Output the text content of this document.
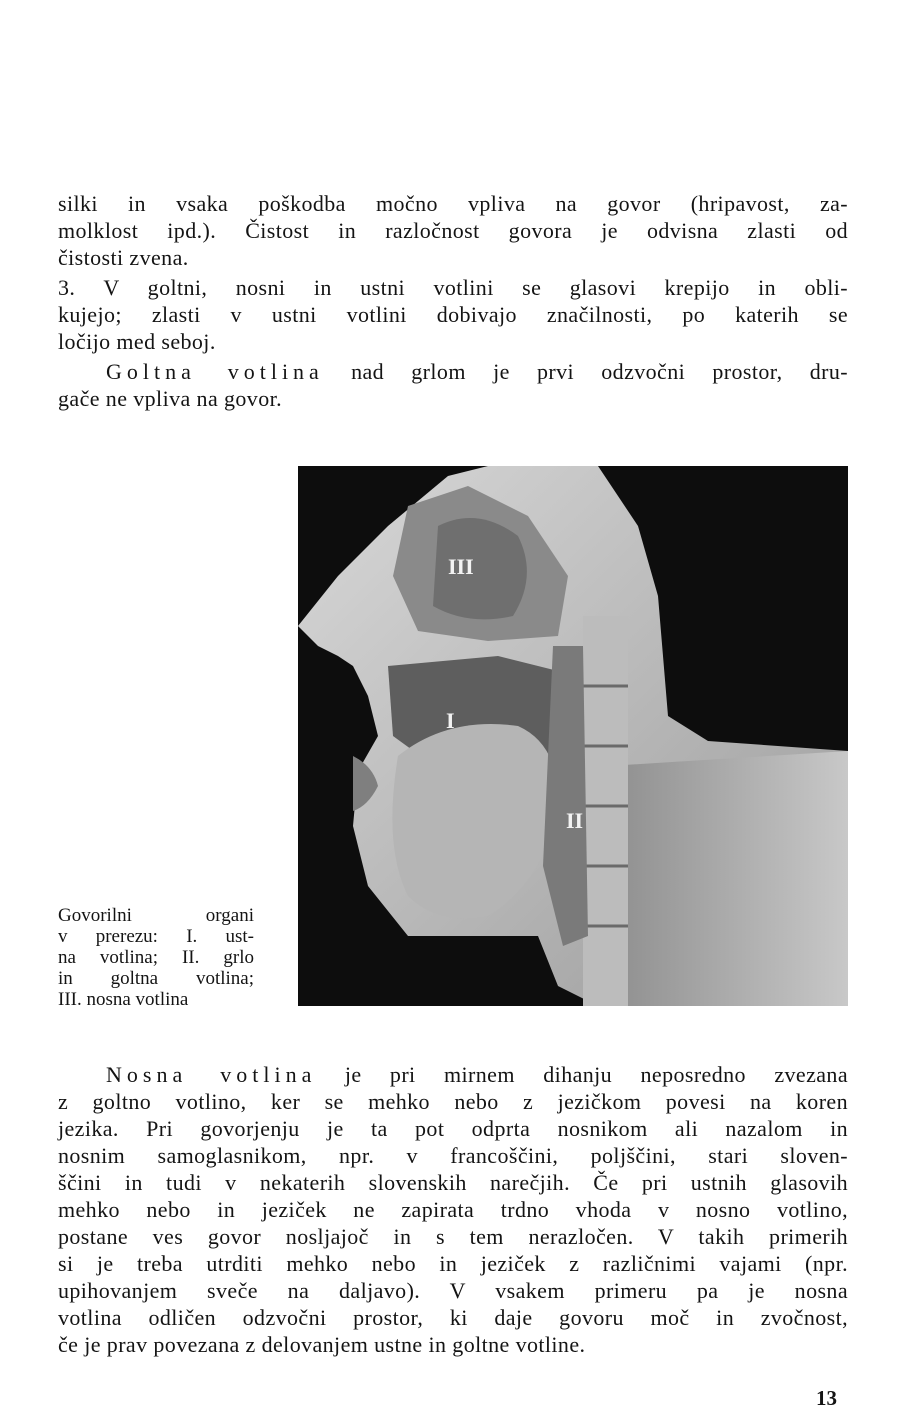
silki in vsaka poškodba močno vpliva na govor (hripavost, za-
molklost ipd.). Čistost in razločnost govora je odvisna zlasti od
čistosti zvena.
3. V goltni, nosni in ustni votlini se glasovi krepijo in obli-
kujejo; zlasti v ustni votlini dobivajo značilnosti, po katerih se
ločijo med seboj.
Goltna votlina nad grlom je prvi odzvočni prostor, dru-
gače ne vpliva na govor.
III
I
II
Govorilni organi
v prerezu: I. ust-
na votlina; II. grlo
in goltna votlina;
III. nosna votlina
Nosna votlina je pri mirnem dihanju neposredno zvezana
z goltno votlino, ker se mehko nebo z jezičkom povesi na koren
jezika. Pri govorjenju je ta pot odprta nosnikom ali nazalom in
nosnim samoglasnikom, npr. v francoščini, poljščini, stari sloven-
ščini in tudi v nekaterih slovenskih narečjih. Če pri ustnih glasovih
mehko nebo in jeziček ne zapirata trdno vhoda v nosno votlino,
postane ves govor nosljajoč in s tem nerazločen. V takih primerih
si je treba utrditi mehko nebo in jeziček z različnimi vajami (npr.
upihovanjem sveče na daljavo). V vsakem primeru pa je nosna
votlina odličen odzvočni prostor, ki daje govoru moč in zvočnost,
če je prav povezana z delovanjem ustne in goltne votline.
13
